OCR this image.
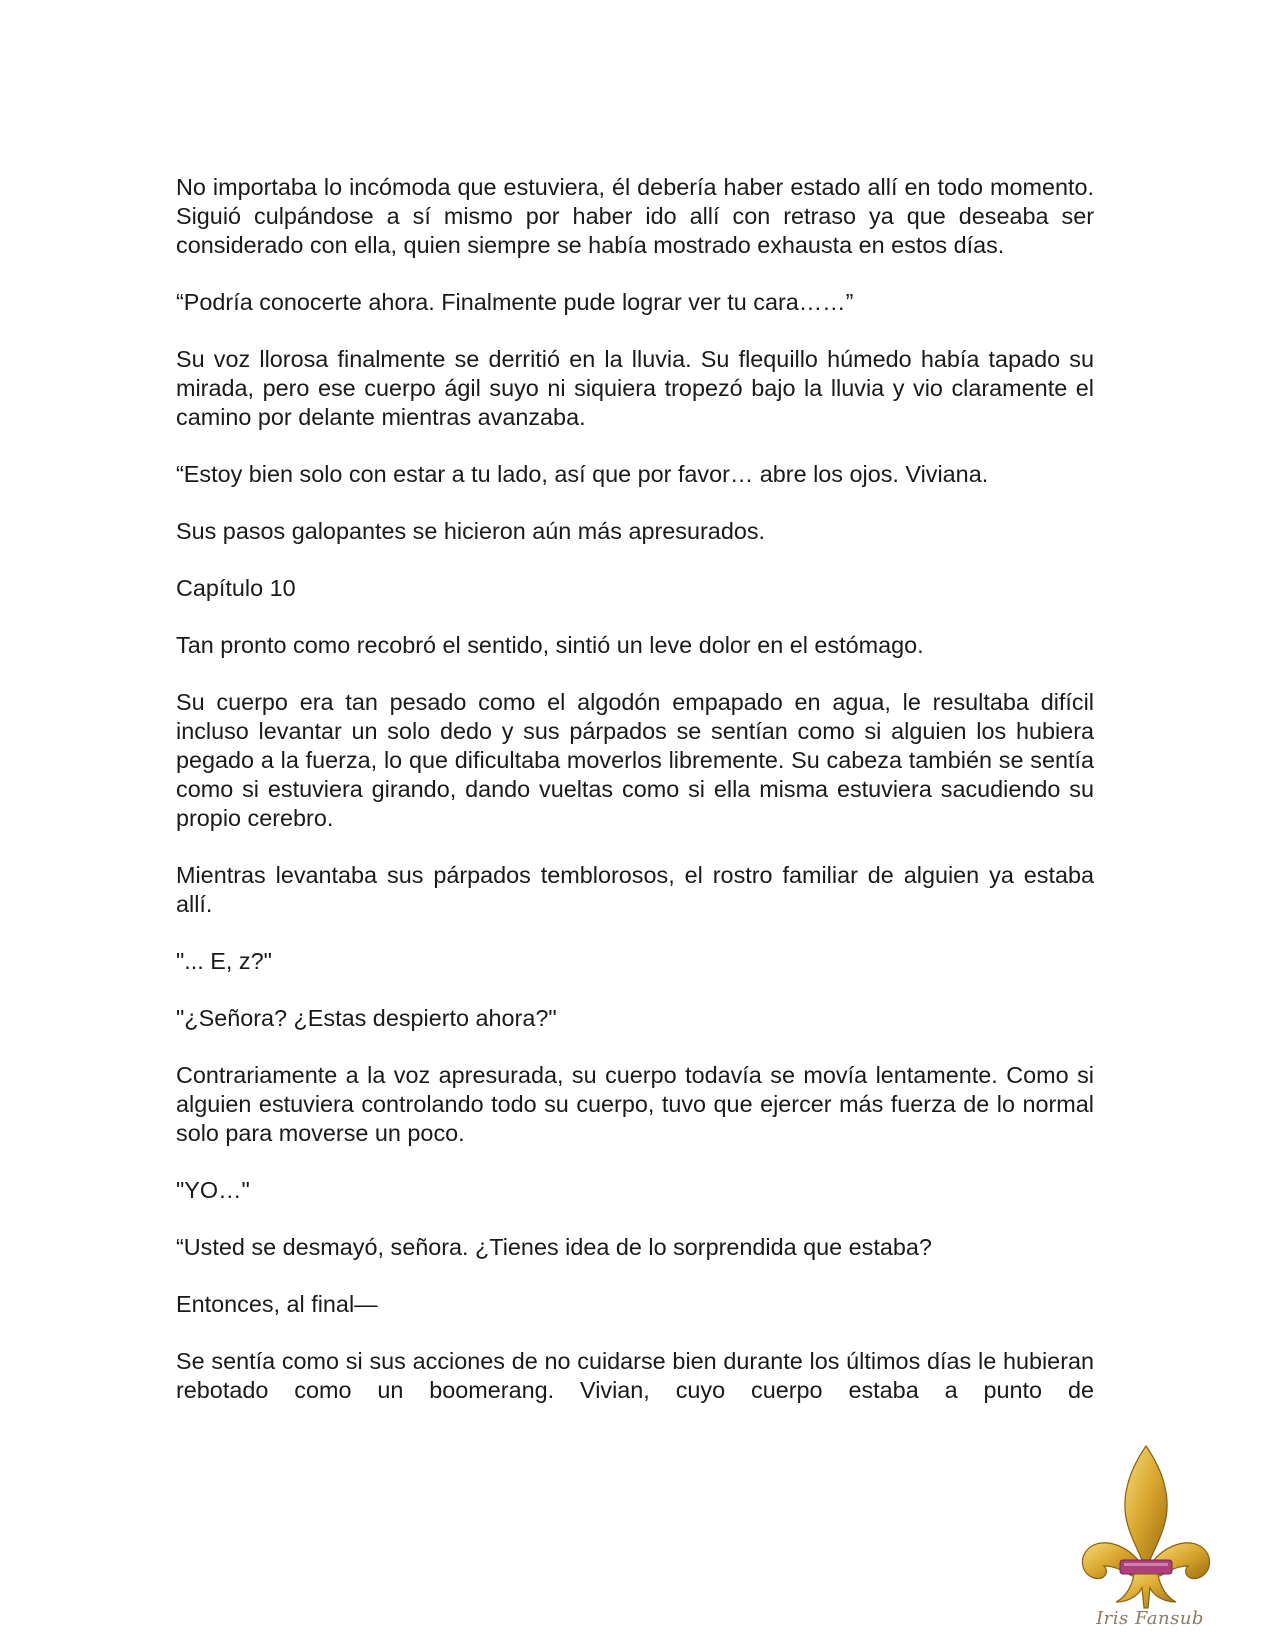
No importaba lo incómoda que estuviera, él debería haber estado allí en todo momento. Siguió culpándose a sí mismo por haber ido allí con retraso ya que deseaba ser considerado con ella, quien siempre se había mostrado exhausta en estos días.

“Podría conocerte ahora. Finalmente pude lograr ver tu cara……”

Su voz llorosa finalmente se derritió en la lluvia. Su flequillo húmedo había tapado su mirada, pero ese cuerpo ágil suyo ni siquiera tropezó bajo la lluvia y vio claramente el camino por delante mientras avanzaba.

“Estoy bien solo con estar a tu lado, así que por favor… abre los ojos. Viviana.

Sus pasos galopantes se hicieron aún más apresurados.

Capítulo 10

Tan pronto como recobró el sentido, sintió un leve dolor en el estómago.

Su cuerpo era tan pesado como el algodón empapado en agua, le resultaba difícil incluso levantar un solo dedo y sus párpados se sentían como si alguien los hubiera pegado a la fuerza, lo que dificultaba moverlos libremente. Su cabeza también se sentía como si estuviera girando, dando vueltas como si ella misma estuviera sacudiendo su propio cerebro.

Mientras levantaba sus párpados temblorosos, el rostro familiar de alguien ya estaba allí.

"... E, z?"

"¿Señora? ¿Estas despierto ahora?"

Contrariamente a la voz apresurada, su cuerpo todavía se movía lentamente. Como si alguien estuviera controlando todo su cuerpo, tuvo que ejercer más fuerza de lo normal solo para moverse un poco.

"YO…"

“Usted se desmayó, señora. ¿Tienes idea de lo sorprendida que estaba?

Entonces, al final—

Se sentía como si sus acciones de no cuidarse bien durante los últimos días le hubieran rebotado como un boomerang. Vivian, cuyo cuerpo estaba a punto de

Iris Fansub
